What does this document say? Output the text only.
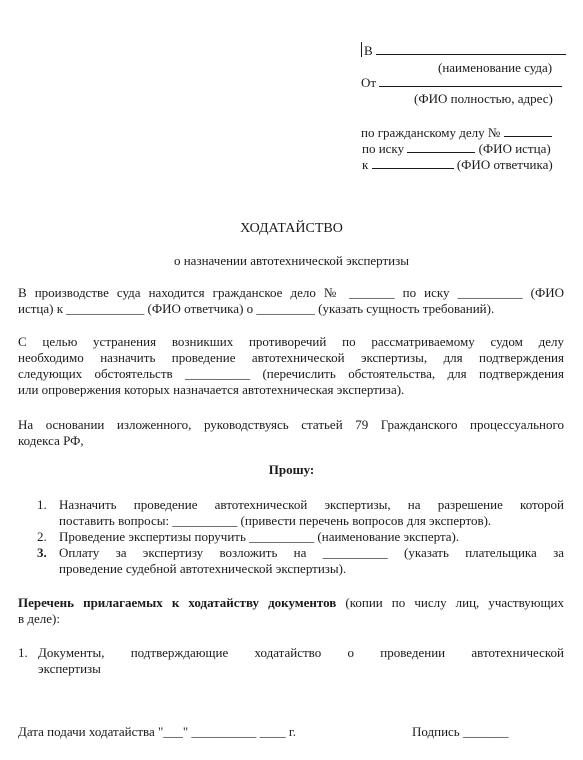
В
(наименование суда)
От
(ФИО полностью, адрес)
по гражданскому делу №
по иску	(ФИО истца)
к	(ФИО ответчика)
ХОДАТАЙСТВО
о назначении автотехнической экспертизы
В производстве суда находится гражданское дело № _______ по иску __________ (ФИО
истца) к ____________ (ФИО ответчика) о _________ (указать сущность требований).
С целью устранения возникших противоречий по рассматриваемому судом делу
необходимо назначить проведение автотехнической экспертизы, для подтверждения
следующих обстоятельств __________ (перечислить обстоятельства, для подтверждения
или опровержения которых назначается автотехническая экспертиза).
На основании изложенного, руководствуясь статьей 79 Гражданского процессуального
кодекса РФ,
Прошу:
1. Назначить проведение автотехнической экспертизы, на разрешение которой
поставить вопросы: __________ (привести перечень вопросов для экспертов).
2. Проведение экспертизы поручить __________ (наименование эксперта).
3. Оплату за экспертизу возложить на __________ (указать плательщика за
проведение судебной автотехнической экспертизы).
Перечень прилагаемых к ходатайству документов (копии по числу лиц, участвующих
в деле):
1. Документы, подтверждающие ходатайство о проведении автотехнической
экспертизы
Дата подачи ходатайства "___" __________ ____ г.	Подпись _______
